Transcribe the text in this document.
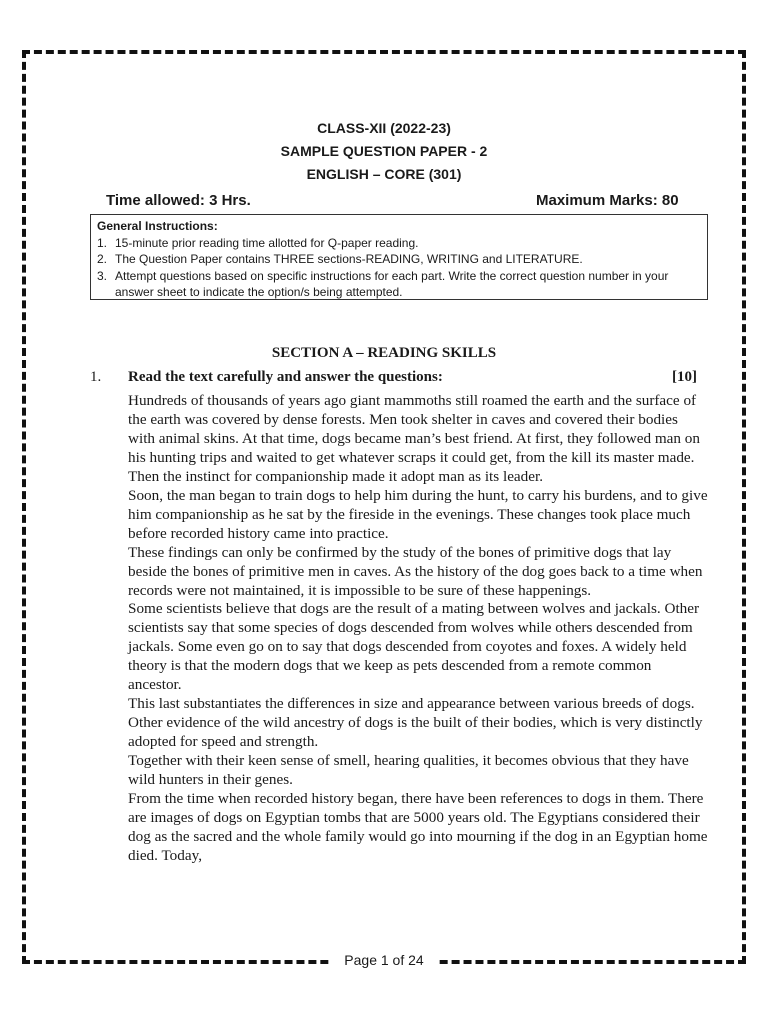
CLASS-XII (2022-23)
SAMPLE QUESTION PAPER - 2
ENGLISH – CORE (301)
Time allowed: 3 Hrs.	Maximum Marks: 80
General Instructions:
1. 15-minute prior reading time allotted for Q-paper reading.
2. The Question Paper contains THREE sections-READING, WRITING and LITERATURE.
3. Attempt questions based on specific instructions for each part. Write the correct question number in your answer sheet to indicate the option/s being attempted.
SECTION A – READING SKILLS
1. Read the text carefully and answer the questions:	[10]

Hundreds of thousands of years ago giant mammoths still roamed the earth and the surface of the earth was covered by dense forests. Men took shelter in caves and covered their bodies with animal skins. At that time, dogs became man’s best friend. At first, they followed man on his hunting trips and waited to get whatever scraps it could get, from the kill its master made. Then the instinct for companionship made it adopt man as its leader.

Soon, the man began to train dogs to help him during the hunt, to carry his burdens, and to give him companionship as he sat by the fireside in the evenings. These changes took place much before recorded history came into practice.

These findings can only be confirmed by the study of the bones of primitive dogs that lay beside the bones of primitive men in caves. As the history of the dog goes back to a time when records were not maintained, it is impossible to be sure of these happenings.

Some scientists believe that dogs are the result of a mating between wolves and jackals. Other scientists say that some species of dogs descended from wolves while others descended from jackals. Some even go on to say that dogs descended from coyotes and foxes. A widely held theory is that the modern dogs that we keep as pets descended from a remote common ancestor.

This last substantiates the differences in size and appearance between various breeds of dogs. Other evidence of the wild ancestry of dogs is the built of their bodies, which is very distinctly adopted for speed and strength.

Together with their keen sense of smell, hearing qualities, it becomes obvious that they have wild hunters in their genes.

From the time when recorded history began, there have been references to dogs in them. There are images of dogs on Egyptian tombs that are 5000 years old. The Egyptians considered their dog as the sacred and the whole family would go into mourning if the dog in an Egyptian home died. Today,

Page 1 of 24
